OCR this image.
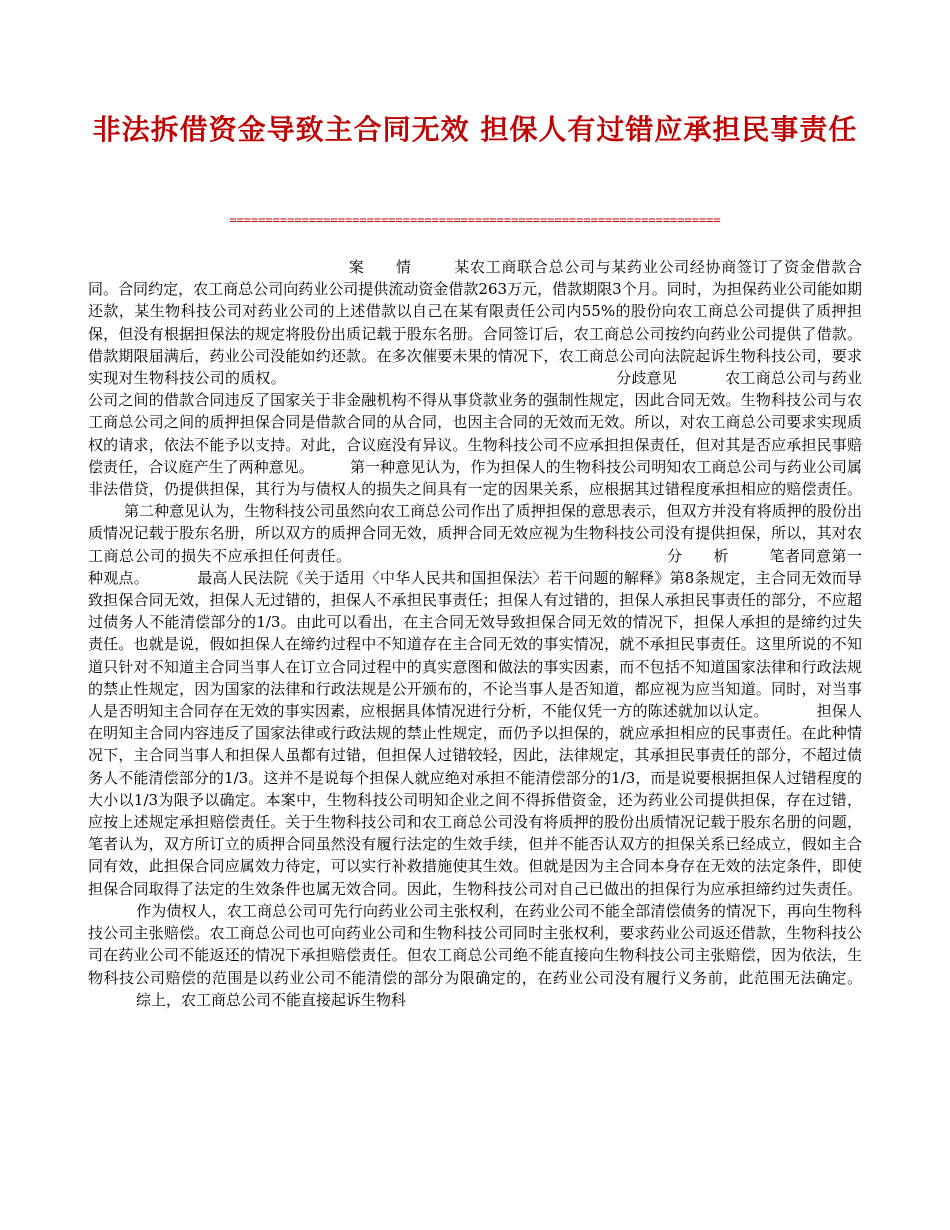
非法拆借资金导致主合同无效 担保人有过错应承担民事责任
====================================================================

案　　情	某农工商联合总公司与某药业公司经协商签订了资金借款合同。合同约定，农工商总公司向药业公司提供流动资金借款263万元，借款期限3个月。同时，为担保药业公司能如期还款，某生物科技公司对药业公司的上述借款以自己在某有限责任公司内55%的股份向农工商总公司提供了质押担保，但没有根据担保法的规定将股份出质记载于股东名册。合同签订后，农工商总公司按约向药业公司提供了借款。借款期限届满后，药业公司没能如约还款。在多次催要未果的情况下，农工商总公司向法院起诉生物科技公司，要求实现对生物科技公司的质权。	分歧意见	农工商总公司与药业公司之间的借款合同违反了国家关于非金融机构不得从事贷款业务的强制性规定，因此合同无效。生物科技公司与农工商总公司之间的质押担保合同是借款合同的从合同，也因主合同的无效而无效。所以，对农工商总公司要求实现质权的请求，依法不能予以支持。对此，合议庭没有异议。生物科技公司不应承担担保责任，但对其是否应承担民事赔偿责任，合议庭产生了两种意见。 第一种意见认为，作为担保人的生物科技公司明知农工商总公司与药业公司属非法借贷，仍提供担保，其行为与债权人的损失之间具有一定的因果关系，应根据其过错程度承担相应的赔偿责任。第二种意见认为，生物科技公司虽然向农工商总公司作出了质押担保的意思表示，但双方并没有将质押的股份出质情况记载于股东名册，所以双方的质押合同无效，质押合同无效应视为生物科技公司没有提供担保，所以，其对农工商总公司的损失不应承担任何责任。	分　　析	笔者同意第一种观点。	最高人民法院《关于适用〈中华人民共和国担保法〉若干问题的解释》第8条规定，主合同无效而导致担保合同无效，担保人无过错的，担保人不承担民事责任；担保人有过错的，担保人承担民事责任的部分，不应超过债务人不能清偿部分的1/3。由此可以看出，在主合同无效导致担保合同无效的情况下，担保人承担的是缔约过失责任。也就是说，假如担保人在缔约过程中不知道存在主合同无效的事实情况，就不承担民事责任。这里所说的不知道只针对不知道主合同当事人在订立合同过程中的真实意图和做法的事实因素，而不包括不知道国家法律和行政法规的禁止性规定，因为国家的法律和行政法规是公开颁布的，不论当事人是否知道，都应视为应当知道。同时，对当事人是否明知主合同存在无效的事实因素，应根据具体情况进行分析，不能仅凭一方的陈述就加以认定。	担保人在明知主合同内容违反了国家法律或行政法规的禁止性规定，而仍予以担保的，就应承担相应的民事责任。在此种情况下，主合同当事人和担保人虽都有过错，但担保人过错较轻，因此，法律规定，其承担民事责任的部分，不超过债务人不能清偿部分的1/3。这并不是说每个担保人就应绝对承担不能清偿部分的1/3，而是说要根据担保人过错程度的大小以1/3为限予以确定。本案中，生物科技公司明知企业之间不得拆借资金，还为药业公司提供担保，存在过错，应按上述规定承担赔偿责任。关于生物科技公司和农工商总公司没有将质押的股份出质情况记载于股东名册的问题，笔者认为，双方所订立的质押合同虽然没有履行法定的生效手续，但并不能否认双方的担保关系已经成立，假如主合同有效，此担保合同应属效力待定，可以实行补救措施使其生效。但就是因为主合同本身存在无效的法定条件，即使担保合同取得了法定的生效条件也属无效合同。因此，生物科技公司对自己已做出的担保行为应承担缔约过失责任。作为债权人，农工商总公司可先行向药业公司主张权利，在药业公司不能全部清偿债务的情况下，再向生物科技公司主张赔偿。农工商总公司也可向药业公司和生物科技公司同时主张权利，要求药业公司返还借款，生物科技公司在药业公司不能返还的情况下承担赔偿责任。但农工商总公司绝不能直接向生物科技公司主张赔偿，因为依法，生物科技公司赔偿的范围是以药业公司不能清偿的部分为限确定的，在药业公司没有履行义务前，此范围无法确定。综上，农工商总公司不能直接起诉生物科
